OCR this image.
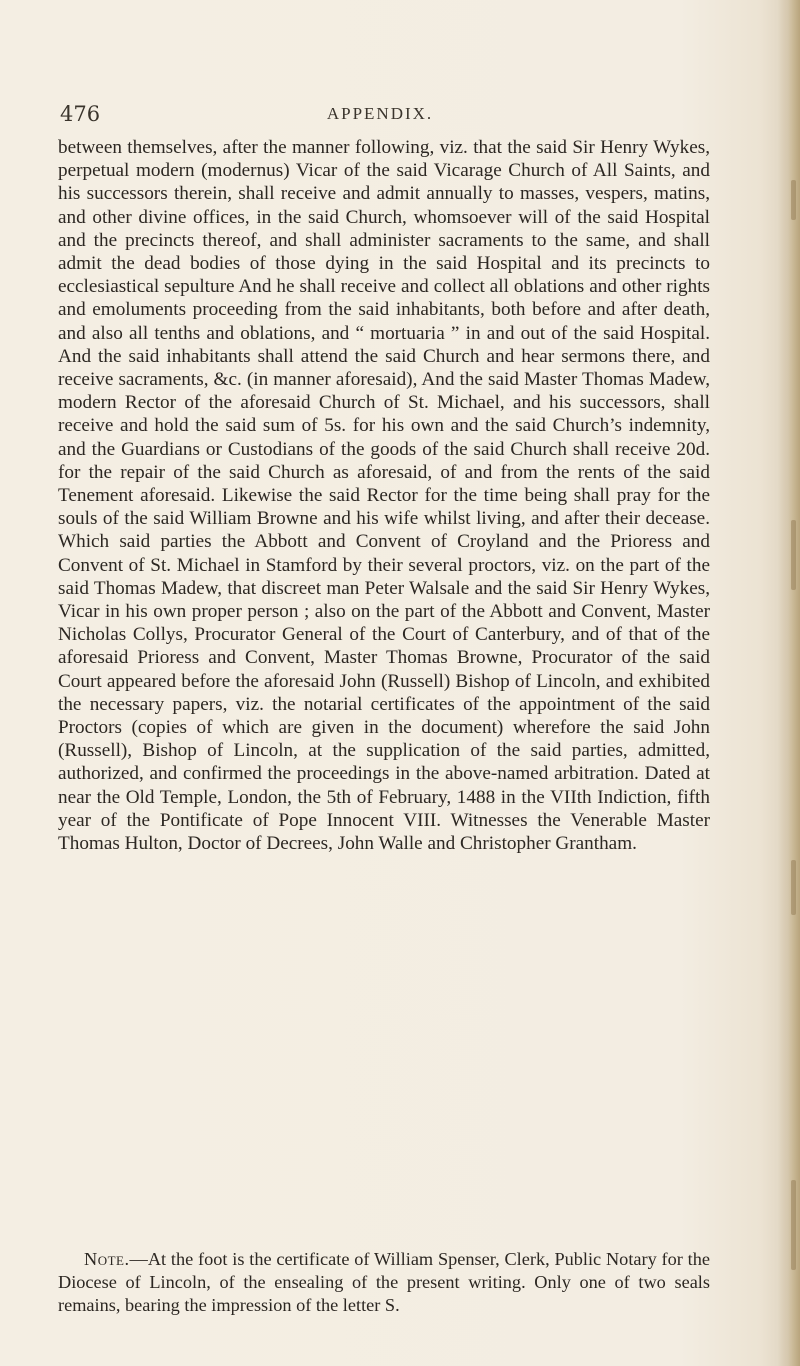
476	APPENDIX.

between themselves, after the manner following, viz. that the said Sir Henry Wykes, perpetual modern (modernus) Vicar of the said Vicarage Church of All Saints, and his successors therein, shall receive and admit annually to masses, vespers, matins, and other divine offices, in the said Church, whomsoever will of the said Hospital and the precincts thereof, and shall administer sacraments to the same, and shall admit the dead bodies of those dying in the said Hospital and its precincts to ecclesiastical sepulture And he shall receive and collect all oblations and other rights and emoluments proceeding from the said inhabitants, both before and after death, and also all tenths and oblations, and “ mortuaria ” in and out of the said Hospital. And the said inhabitants shall attend the said Church and hear sermons there, and receive sacraments, &c. (in manner aforesaid), And the said Master Thomas Madew, modern Rector of the aforesaid Church of St. Michael, and his successors, shall receive and hold the said sum of 5s. for his own and the said Church’s indemnity, and the Guardians or Custodians of the goods of the said Church shall receive 20d. for the repair of the said Church as aforesaid, of and from the rents of the said Tenement aforesaid. Likewise the said Rector for the time being shall pray for the souls of the said William Browne and his wife whilst living, and after their decease. Which said parties the Abbott and Convent of Croyland and the Prioress and Convent of St. Michael in Stamford by their several proctors, viz. on the part of the said Thomas Madew, that discreet man Peter Walsale and the said Sir Henry Wykes, Vicar in his own proper person ; also on the part of the Abbott and Convent, Master Nicholas Collys, Procurator General of the Court of Canterbury, and of that of the aforesaid Prioress and Convent, Master Thomas Browne, Procurator of the said Court appeared before the aforesaid John (Russell) Bishop of Lincoln, and exhibited the necessary papers, viz. the notarial certificates of the appointment of the said Proctors (copies of which are given in the document) wherefore the said John (Russell), Bishop of Lincoln, at the supplication of the said parties, admitted, authorized, and confirmed the proceedings in the above-named arbitration. Dated at near the Old Temple, London, the 5th of February, 1488 in the VIIth Indiction, fifth year of the Pontificate of Pope Innocent VIII. Witnesses the Venerable Master Thomas Hulton, Doctor of Decrees, John Walle and Christopher Grantham.

Note.—At the foot is the certificate of William Spenser, Clerk, Public Notary for the Diocese of Lincoln, of the ensealing of the present writing. Only one of two seals remains, bearing the impression of the letter S.
